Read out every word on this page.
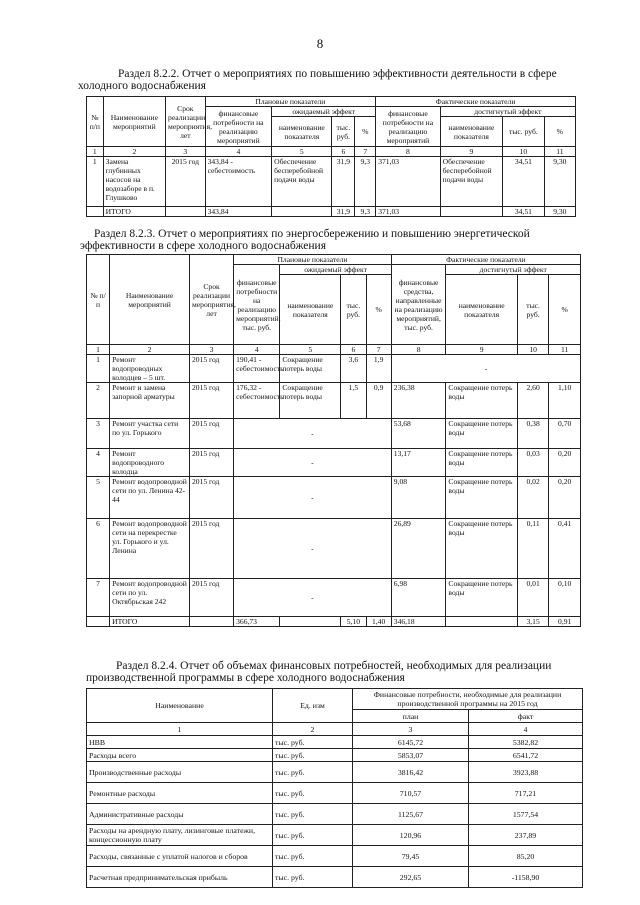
8
Раздел 8.2.2. Отчет о мероприятиях по повышению эффективности деятельности в сфере холодного водоснабжения
№ п/п	Наименование мероприятий	Срок реализации мероприятия, лет	Плановые показатели				Фактические показатели			
			финансовые потребности на реализацию мероприятий	ожидаемый эффект			финансовые потребности на реализацию мероприятий	достигнутый эффект		
				наименование показателя	тыс. руб.	%		наименование показателя	тыс. руб.	%
1	2	3	4	5	6	7	8	9	10	11
1	Замена глубинных насосов на водозаборе в п. Глушково	2015 год	343,84 - себестоимость	Обеспечение бесперебойной подачи воды	31,9	9,3	371,03	Обеспечение бесперебойной подачи воды	34,51	9,30
	ИТОГО		343,84		31,9	9,3	371,03		34,51	9,30
Раздел 8.2.3. Отчет о мероприятиях по энергосбережению и повышению энергетической эффективности в сфере холодного водоснабжения
№ п/п	Наименование мероприятий	Срок реализации мероприятия, лет	Плановые показатели				Фактические показатели			
			финансовые потребности на реализацию мероприятий, тыс. руб.	ожидаемый эффект			финансовые средства, направленные на реализацию мероприятий, тыс. руб.	достигнутый эффект		
				наименование показателя	тыс. руб.	%		наименование показателя	тыс. руб.	%
1	2	3	4	5	6	7	8	9	10	11
1	Ремонт водопроводных колодцев – 5 шт.	2015 год	190,41 - себестоимость	Сокращение потерь воды	3,6	1,9	-			
2	Ремонт и замена запорной арматуры	2015 год	176,32 - себестоимость	Сокращение потерь воды	1,5	0,9	236,38	Сокращение потерь воды	2,60	1,10
3	Ремонт участка сети по ул. Горького	2015 год	-				53,68	Сокращение потерь воды	0,38	0,70
4	Ремонт водопроводного колодца	2015 год	-				13,17	Сокращение потерь воды	0,03	0,20
5	Ремонт водопроводной сети по ул. Ленина 42-44	2015 год	-				9,08	Сокращение потерь воды	0,02	0,20
6	Ремонт водопроводной сети на перекрестке ул. Горького и ул. Ленина	2015 год	-				26,89	Сокращение потерь воды	0,11	0,41
7	Ремонт водопроводной сети по ул. Октябрьская 242	2015 год	-				6,98	Сокращение потерь воды	0,01	0,10
	ИТОГО		366,73		5,10	1,40	346,18		3,15	0,91
Раздел 8.2.4. Отчет об объемах финансовых потребностей, необходимых для реализации производственной программы в сфере холодного водоснабжения
Наименование	Ед. изм	Финансовые потребности, необходимые для реализации производственной программы на 2015 год	
		план	факт
1	2	3	4
НВВ	тыс. руб.	6145,72	5382,82
Расходы всего	тыс. руб.	5853,07	6541,72
Производственные расходы	тыс. руб.	3816,42	3923,88
Ремонтные расходы	тыс. руб.	710,57	717,21
Административные расходы	тыс. руб.	1125,67	1577,54
Расходы на арендную плату, лизинговые платежи, концессионную плату	тыс. руб.	120,96	237,89
Расходы, связанные с уплатой налогов и сборов	тыс. руб.	79,45	85,20
Расчетная предпринимательская прибыль	тыс. руб.	292,65	-1158,90
